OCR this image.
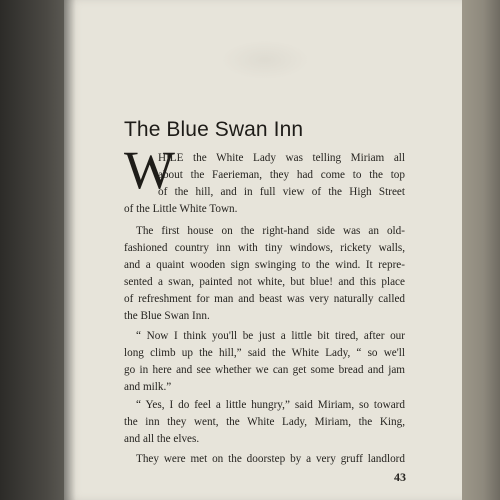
The Blue Swan Inn
W
HILE the White Lady was telling Miriam all
about the Faerieman, they had come to the top
of the hill, and in full view of the High Street
of the Little White Town.
The first house on the right-hand side was an old-
fashioned country inn with tiny windows, rickety walls,
and a quaint wooden sign swinging to the wind. It repre-
sented a swan, painted not white, but blue! and this place
of refreshment for man and beast was very naturally called
the Blue Swan Inn.
“ Now I think you'll be just a little bit tired, after our
long climb up the hill,” said the White Lady, “ so we'll
go in here and see whether we can get some bread and jam
and milk.”
“ Yes, I do feel a little hungry,” said Miriam, so toward
the inn they went, the White Lady, Miriam, the King,
and all the elves.
They were met on the doorstep by a very gruff landlord
43
